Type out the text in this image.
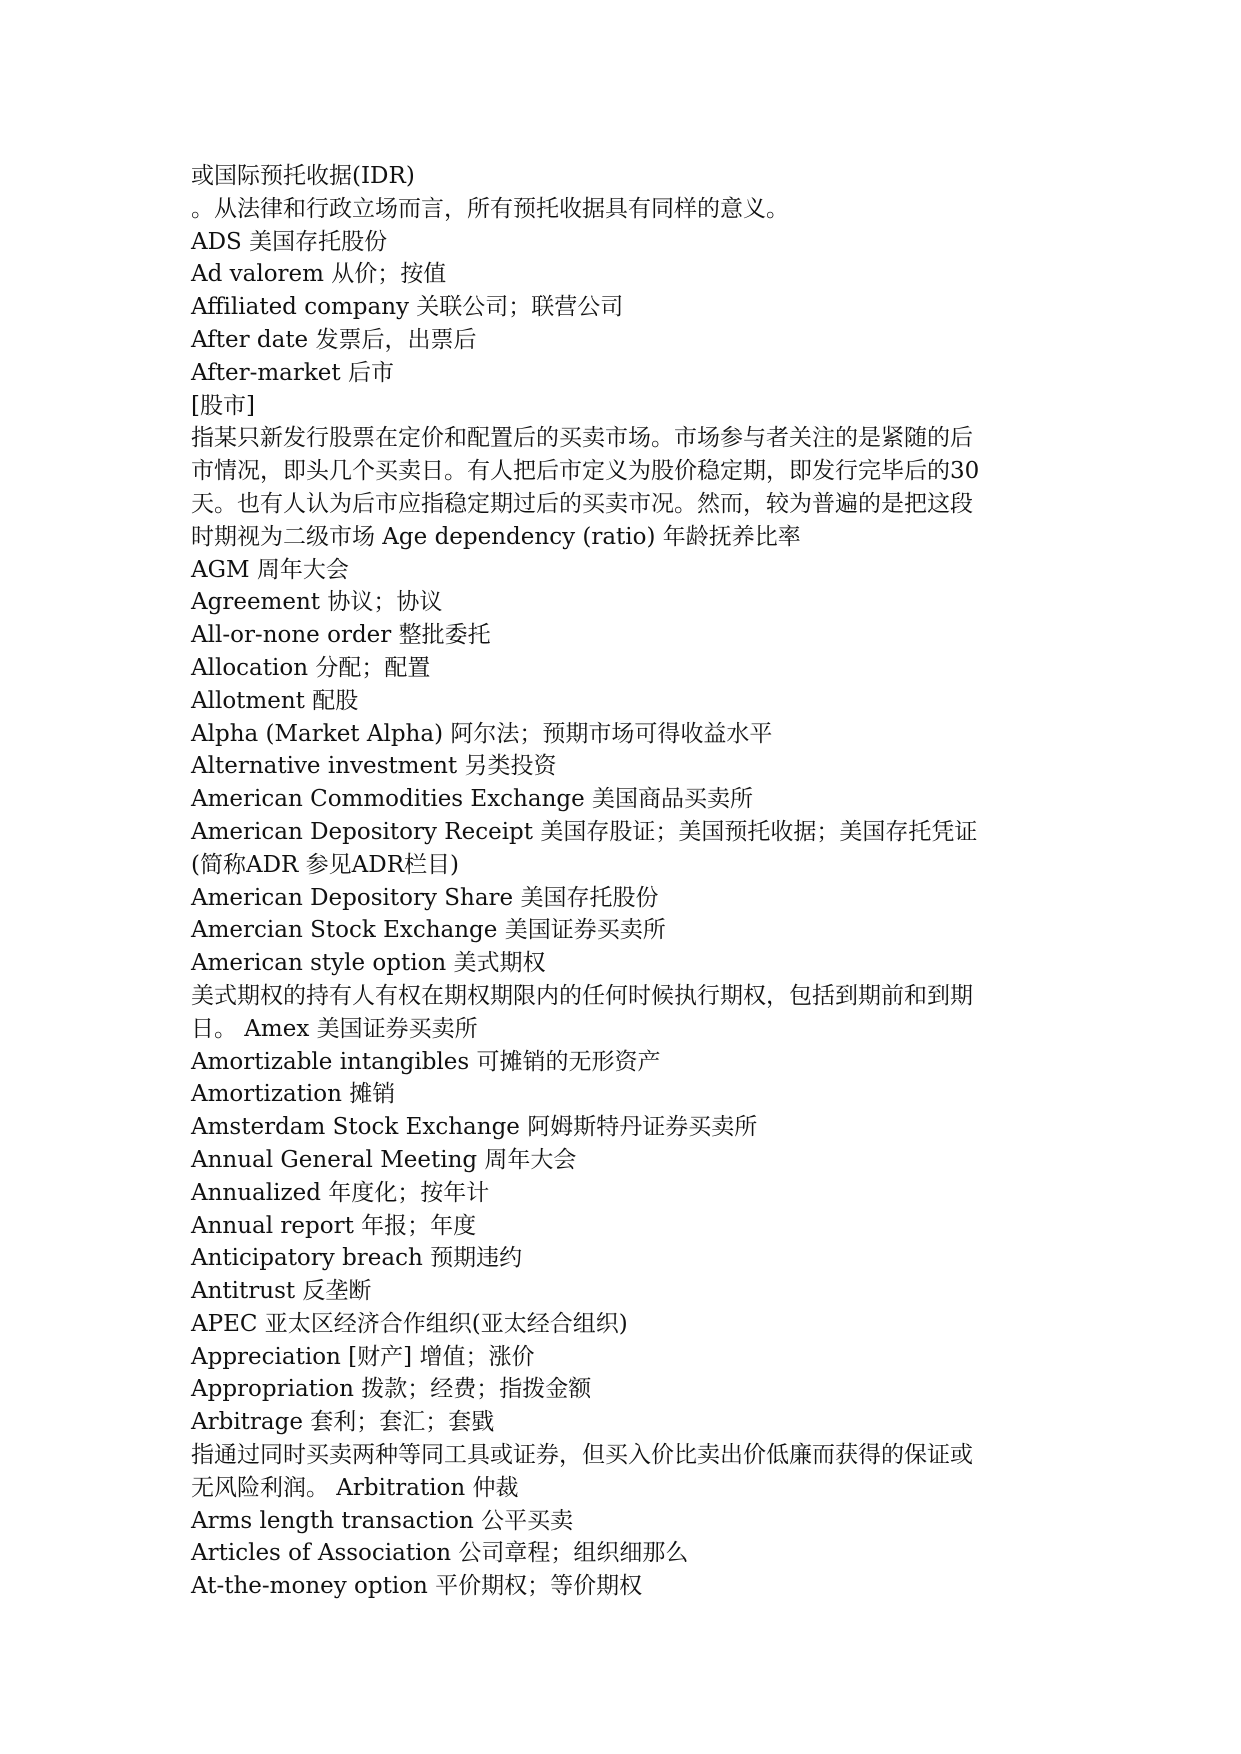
或国际预托收据(IDR)
。从法律和行政立场而言，所有预托收据具有同样的意义。
ADS 美国存托股份
Ad valorem 从价；按值
Affiliated company 关联公司；联营公司
After date 发票后，出票后
After-market 后市
[股市]
指某只新发行股票在定价和配置后的买卖市场。市场参与者关注的是紧随的后
市情况，即头几个买卖日。有人把后市定义为股价稳定期，即发行完毕后的30
天。也有人认为后市应指稳定期过后的买卖市况。然而，较为普遍的是把这段
时期视为二级市场 Age dependency (ratio) 年龄抚养比率
AGM 周年大会
Agreement 协议；协议
All-or-none order 整批委托
Allocation 分配；配置
Allotment 配股
Alpha (Market Alpha) 阿尔法；预期市场可得收益水平
Alternative investment 另类投资
American Commodities Exchange 美国商品买卖所
American Depository Receipt 美国存股证；美国预托收据；美国存托凭证
(简称ADR 参见ADR栏目)
American Depository Share 美国存托股份
Amercian Stock Exchange 美国证券买卖所
American style option 美式期权
美式期权的持有人有权在期权期限内的任何时候执行期权，包括到期前和到期
日。 Amex 美国证券买卖所
Amortizable intangibles 可摊销的无形资产
Amortization 摊销
Amsterdam Stock Exchange 阿姆斯特丹证券买卖所
Annual General Meeting 周年大会
Annualized 年度化；按年计
Annual report 年报；年度
Anticipatory breach 预期违约
Antitrust 反垄断
APEC 亚太区经济合作组织(亚太经合组织)
Appreciation [财产] 增值；涨价
Appropriation 拨款；经费；指拨金额
Arbitrage 套利；套汇；套戥
指通过同时买卖两种等同工具或证券，但买入价比卖出价低廉而获得的保证或
无风险利润。 Arbitration 仲裁
Arms length transaction 公平买卖
Articles of Association 公司章程；组织细那么
At-the-money option 平价期权；等价期权
